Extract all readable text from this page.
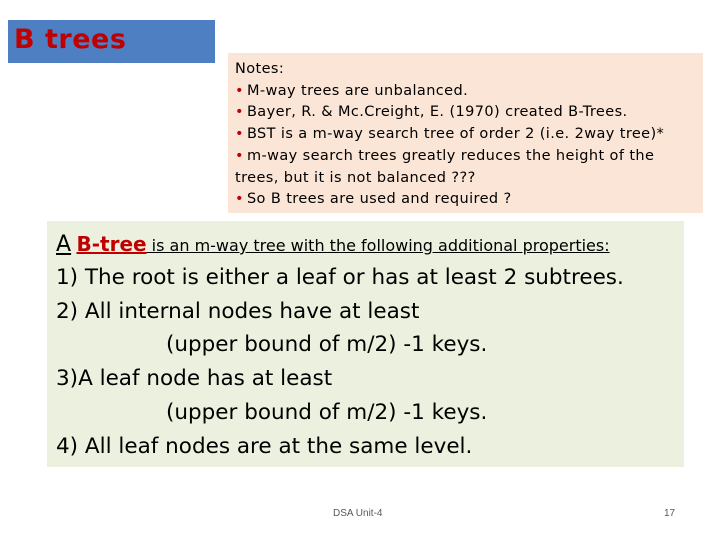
B trees
Notes:
• M-way trees are unbalanced.
• Bayer, R. & Mc.Creight, E. (1970) created B-Trees.
• BST is a m-way search tree of order 2 (i.e. 2way tree)*
• m-way search trees greatly reduces the height of the
trees, but it is not balanced ???
• So B trees are used and required ?
A B-tree is an m-way tree with the following additional properties:
1) The root is either a leaf or has at least 2 subtrees.
2) All internal nodes have at least
(upper bound of m/2) -1 keys.
3)A leaf node has at least
(upper bound of m/2) -1 keys.
4) All leaf nodes are at the same level.
DSA Unit-4	17
